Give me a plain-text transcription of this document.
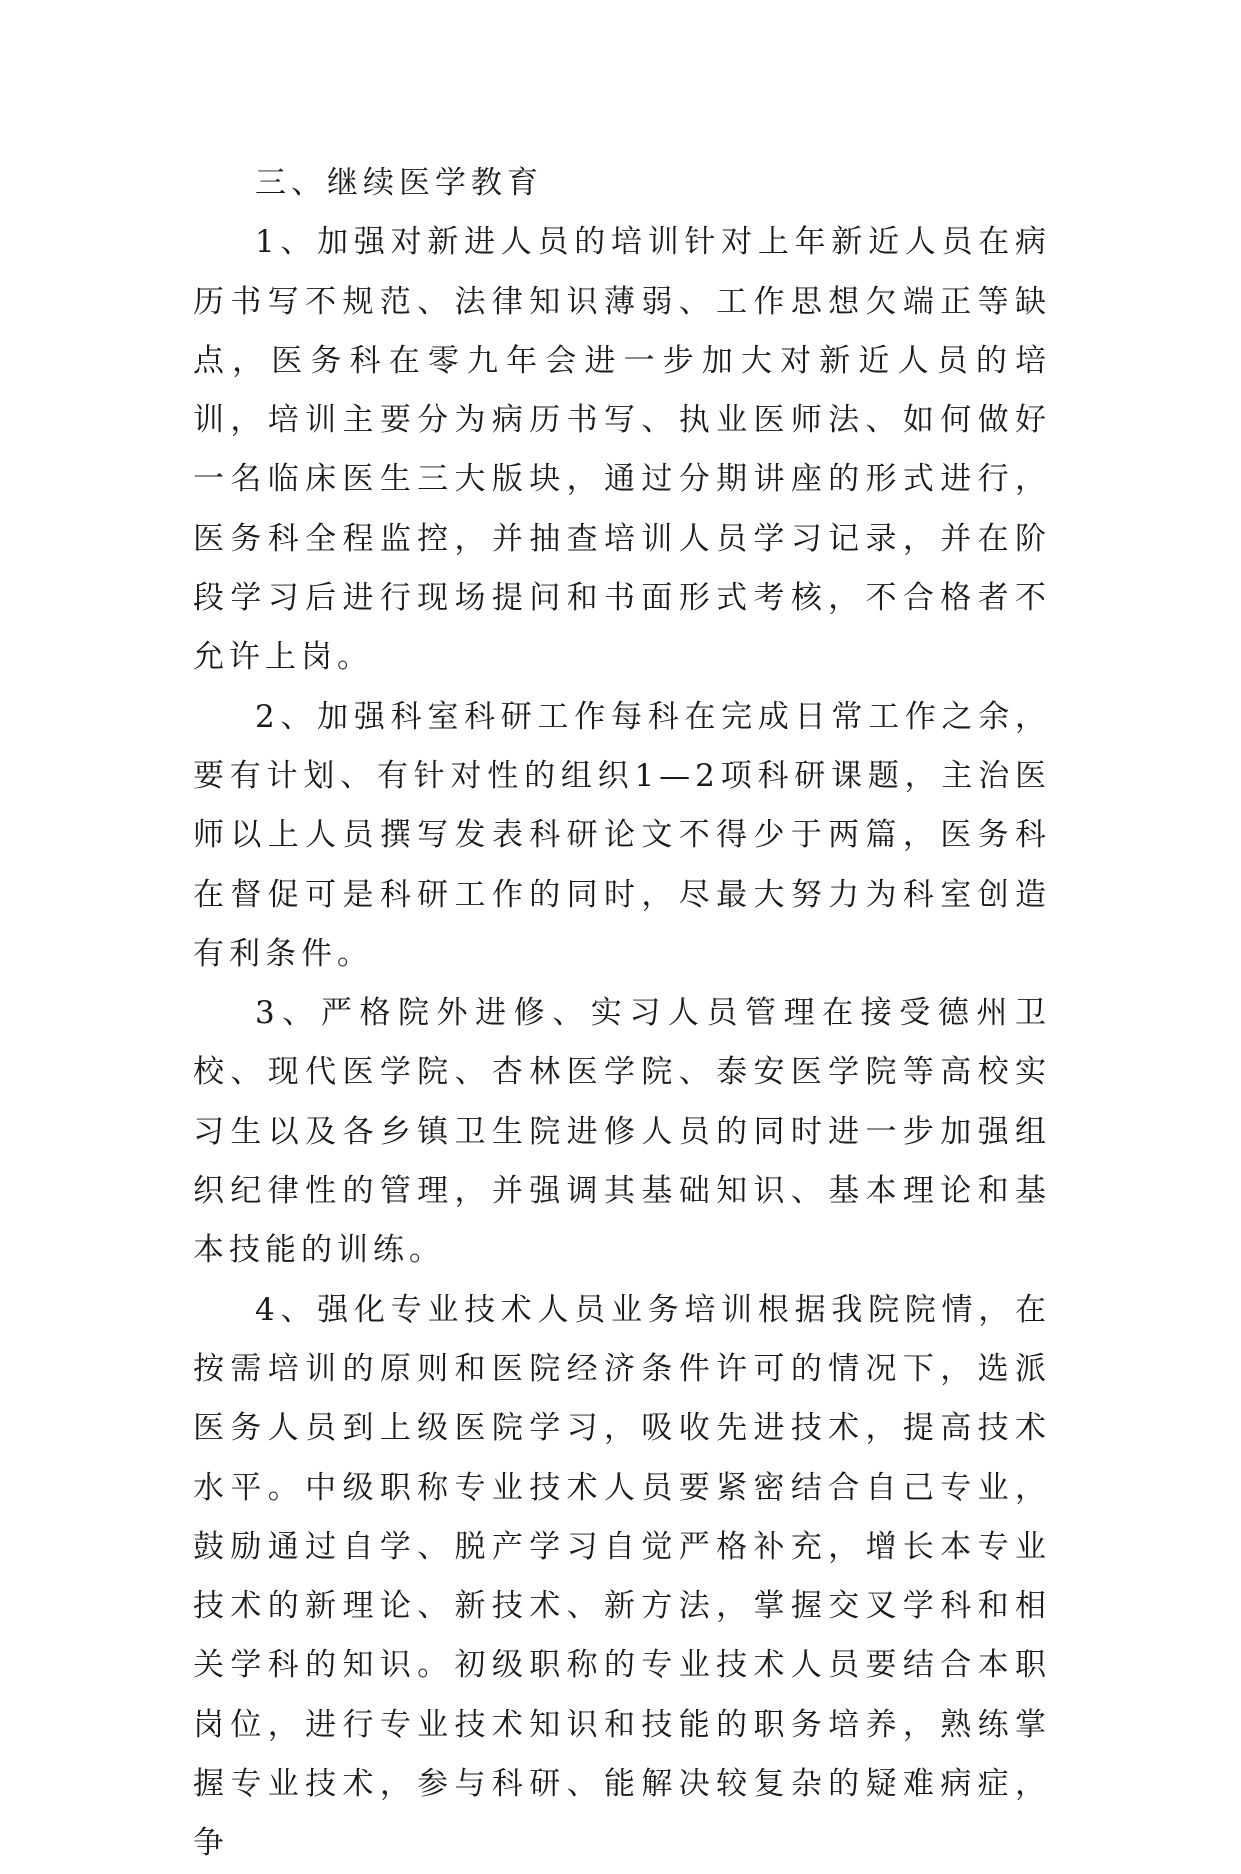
三、继续医学教育

1、加强对新进人员的培训针对上年新近人员在病历书写不规范、法律知识薄弱、工作思想欠端正等缺点，医务科在零九年会进一步加大对新近人员的培训，培训主要分为病历书写、执业医师法、如何做好一名临床医生三大版块，通过分期讲座的形式进行，医务科全程监控，并抽查培训人员学习记录，并在阶段学习后进行现场提问和书面形式考核，不合格者不允许上岗。

2、加强科室科研工作每科在完成日常工作之余，要有计划、有针对性的组织1—2项科研课题，主治医师以上人员撰写发表科研论文不得少于两篇，医务科在督促可是科研工作的同时，尽最大努力为科室创造有利条件。

3、严格院外进修、实习人员管理在接受德州卫校、现代医学院、杏林医学院、泰安医学院等高校实习生以及各乡镇卫生院进修人员的同时进一步加强组织纪律性的管理，并强调其基础知识、基本理论和基本技能的训练。

4、强化专业技术人员业务培训根据我院院情，在按需培训的原则和医院经济条件许可的情况下，选派医务人员到上级医院学习，吸收先进技术，提高技术水平。中级职称专业技术人员要紧密结合自己专业，鼓励通过自学、脱产学习自觉严格补充，增长本专业技术的新理论、新技术、新方法，掌握交叉学科和相关学科的知识。初级职称的专业技术人员要结合本职岗位，进行专业技术知识和技能的职务培养，熟练掌握专业技术，参与科研、能解决较复杂的疑难病症，争
